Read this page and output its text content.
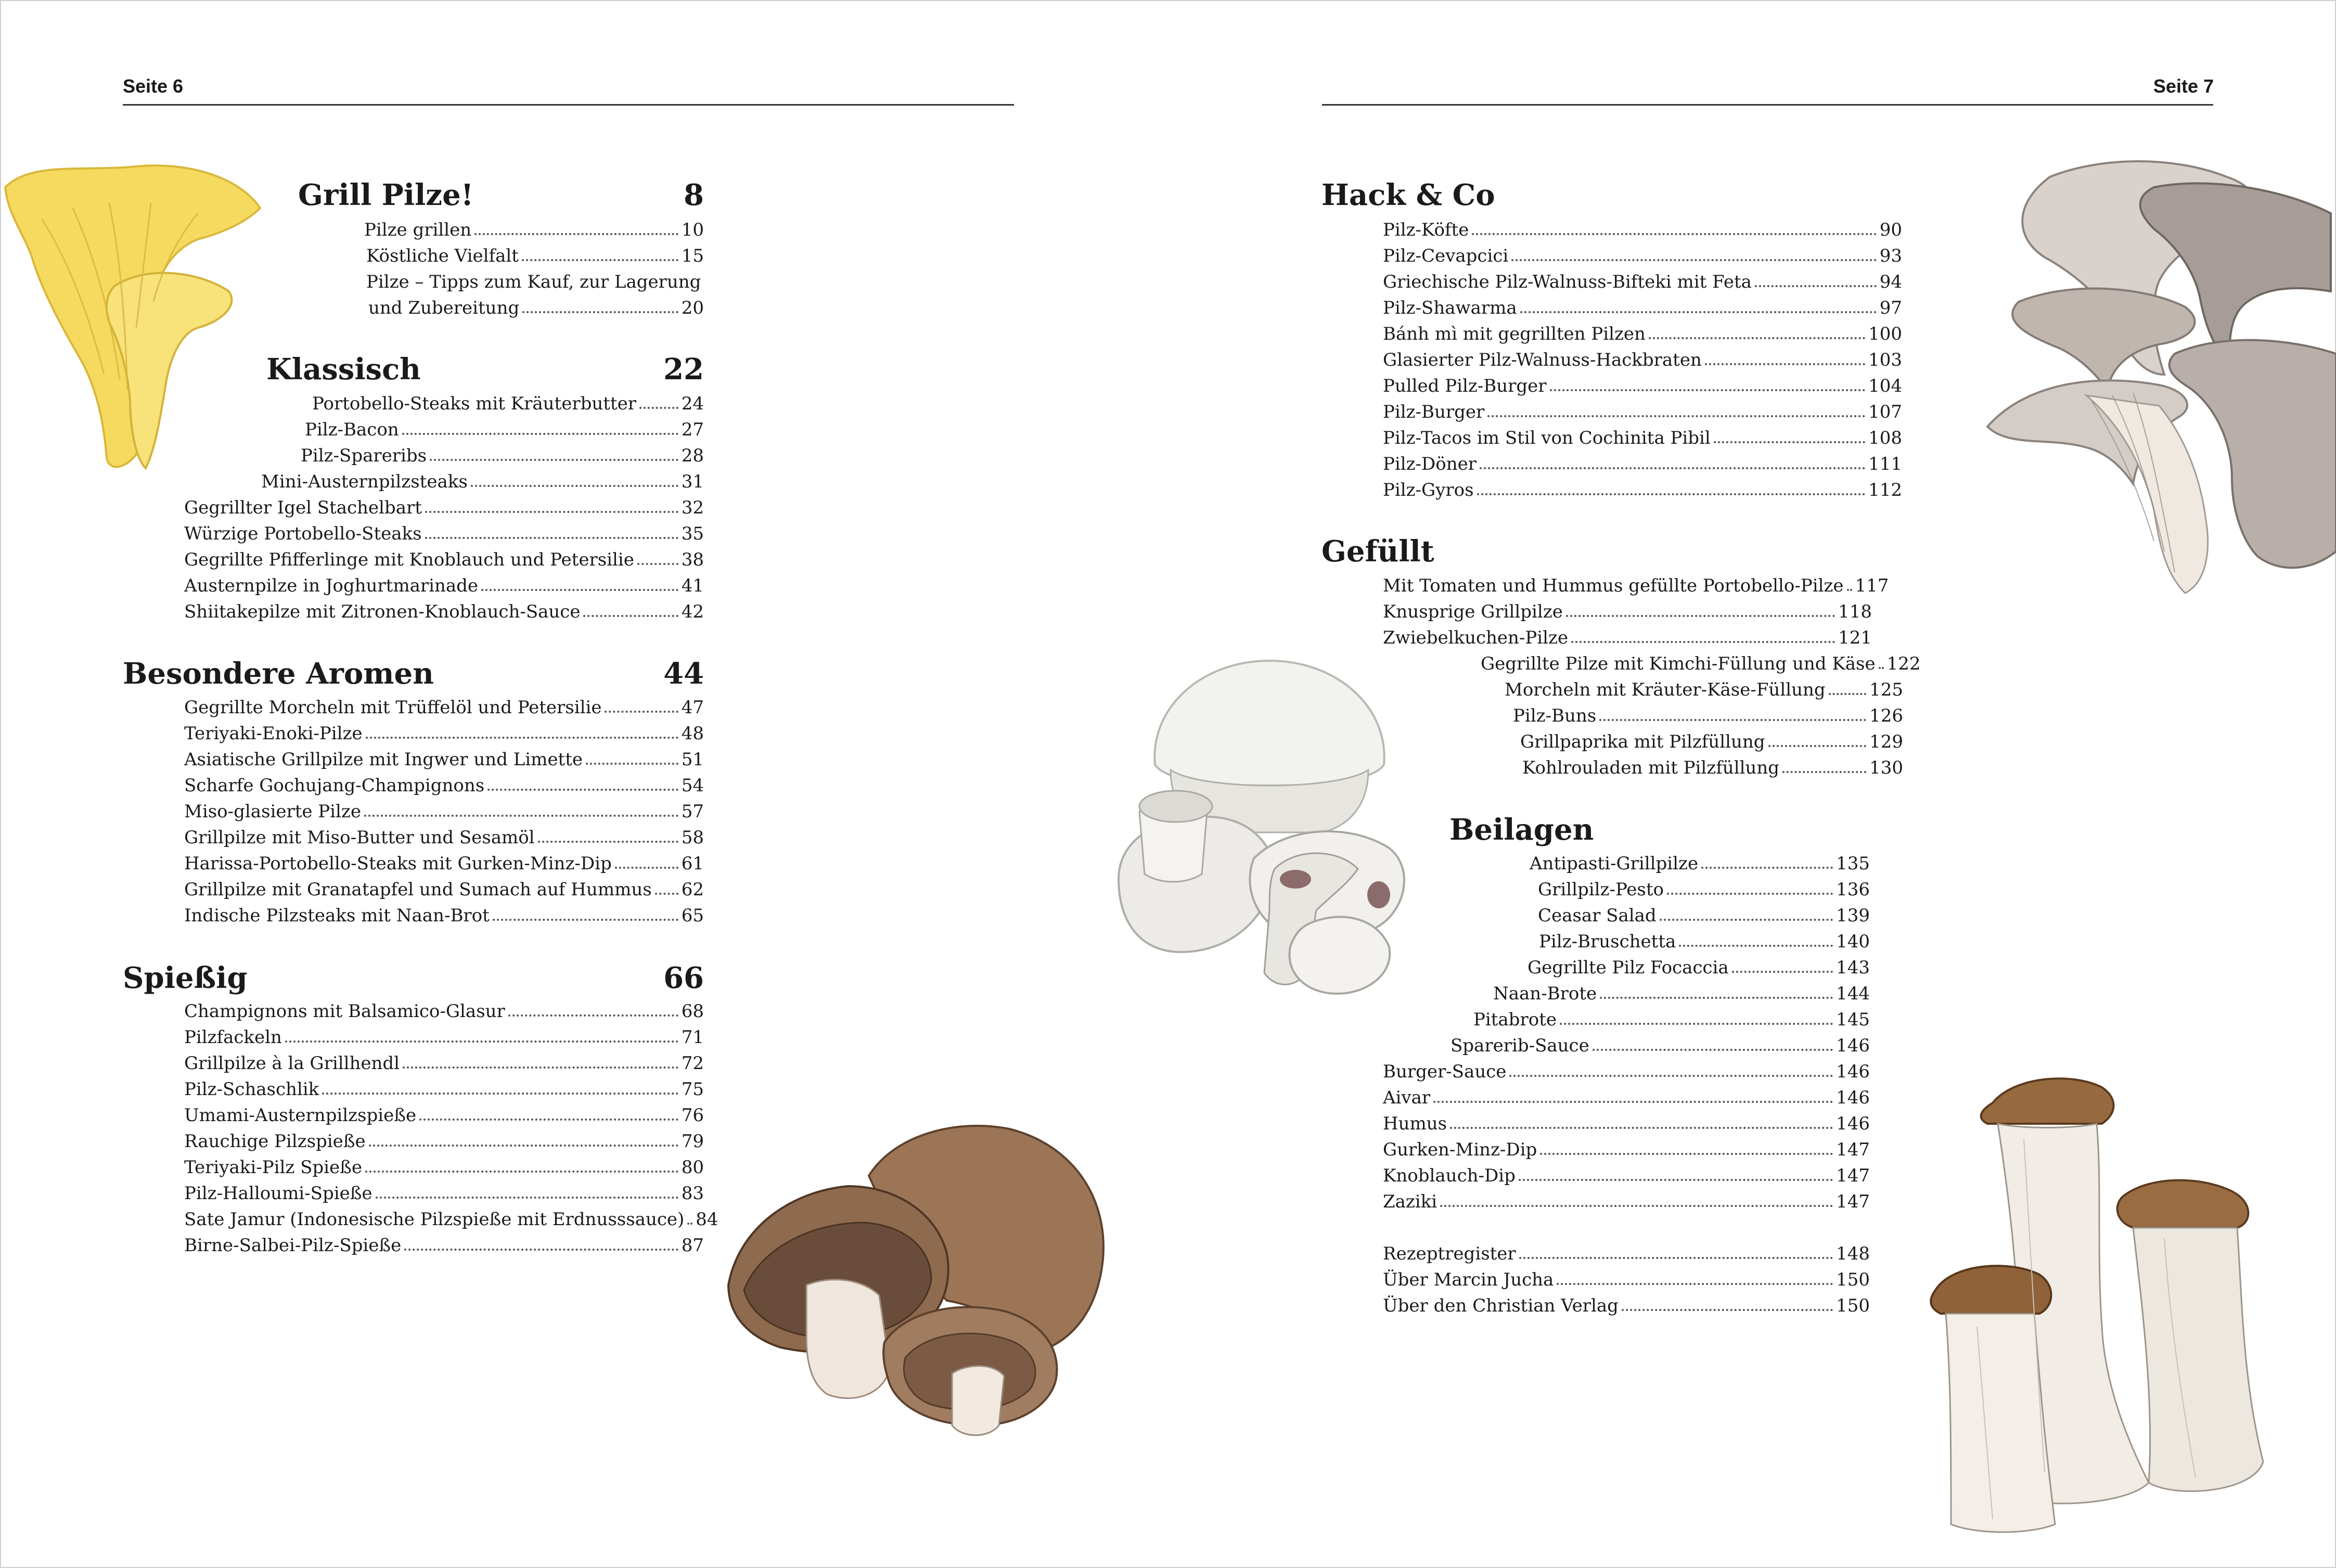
Seite 6	Seite 7
Grill Pilze!	8
Pilze grillen	10
Köstliche Vielfalt	15
Pilze – Tipps zum Kauf, zur Lagerung
und Zubereitung	20
Klassisch	22
Portobello-Steaks mit Kräuterbutter	24
Pilz-Bacon	27
Pilz-Spareribs	28
Mini-Austernpilzsteaks	31
Gegrillter Igel Stachelbart	32
Würzige Portobello-Steaks	35
Gegrillte Pfifferlinge mit Knoblauch und Petersilie	38
Austernpilze in Joghurtmarinade	41
Shiitakepilze mit Zitronen-Knoblauch-Sauce	42
Besondere Aromen	44
Gegrillte Morcheln mit Trüffelöl und Petersilie	47
Teriyaki-Enoki-Pilze	48
Asiatische Grillpilze mit Ingwer und Limette	51
Scharfe Gochujang-Champignons	54
Miso-glasierte Pilze	57
Grillpilze mit Miso-Butter und Sesamöl	58
Harissa-Portobello-Steaks mit Gurken-Minz-Dip	61
Grillpilze mit Granatapfel und Sumach auf Hummus 62
Indische Pilzsteaks mit Naan-Brot	65
Spießig	66
Champignons mit Balsamico-Glasur	68
Pilzfackeln	71
Grillpilze à la Grillhendl	72
Pilz-Schaschlik	75
Umami-Austernpilzspieße	76
Rauchige Pilzspieße	79
Teriyaki-Pilz Spieße	80
Pilz-Halloumi-Spieße	83
Sate Jamur (Indonesische Pilzspieße mit Erdnusssauce) 84
Birne-Salbei-Pilz-Spieße	87
Hack & Co
Pilz-Köfte	90
Pilz-Cevapcici	93
Griechische Pilz-Walnuss-Bifteki mit Feta	94
Pilz-Shawarma	97
Bánh mì mit gegrillten Pilzen	100
Glasierter Pilz-Walnuss-Hackbraten	103
Pulled Pilz-Burger	104
Pilz-Burger	107
Pilz-Tacos im Stil von Cochinita Pibil	108
Pilz-Döner	111
Pilz-Gyros	112
Gefüllt
Mit Tomaten und Hummus gefüllte Portobello-Pilze 117
Knusprige Grillpilze	118
Zwiebelkuchen-Pilze	121
Gegrillte Pilze mit Kimchi-Füllung und Käse 122
Morcheln mit Kräuter-Käse-Füllung 125
Pilz-Buns	126
Grillpaprika mit Pilzfüllung	129
Kohlrouladen mit Pilzfüllung	130
Beilagen
Antipasti-Grillpilze	135
Grillpilz-Pesto	136
Ceasar Salad	139
Pilz-Bruschetta	140
Gegrillte Pilz Focaccia	143
Naan-Brote	144
Pitabrote	145
Sparerib-Sauce	146
Burger-Sauce	146
Aivar	146
Humus	146
Gurken-Minz-Dip	147
Knoblauch-Dip	147
Zaziki	147
Rezeptregister	148
Über Marcin Jucha	150
Über den Christian Verlag	150
